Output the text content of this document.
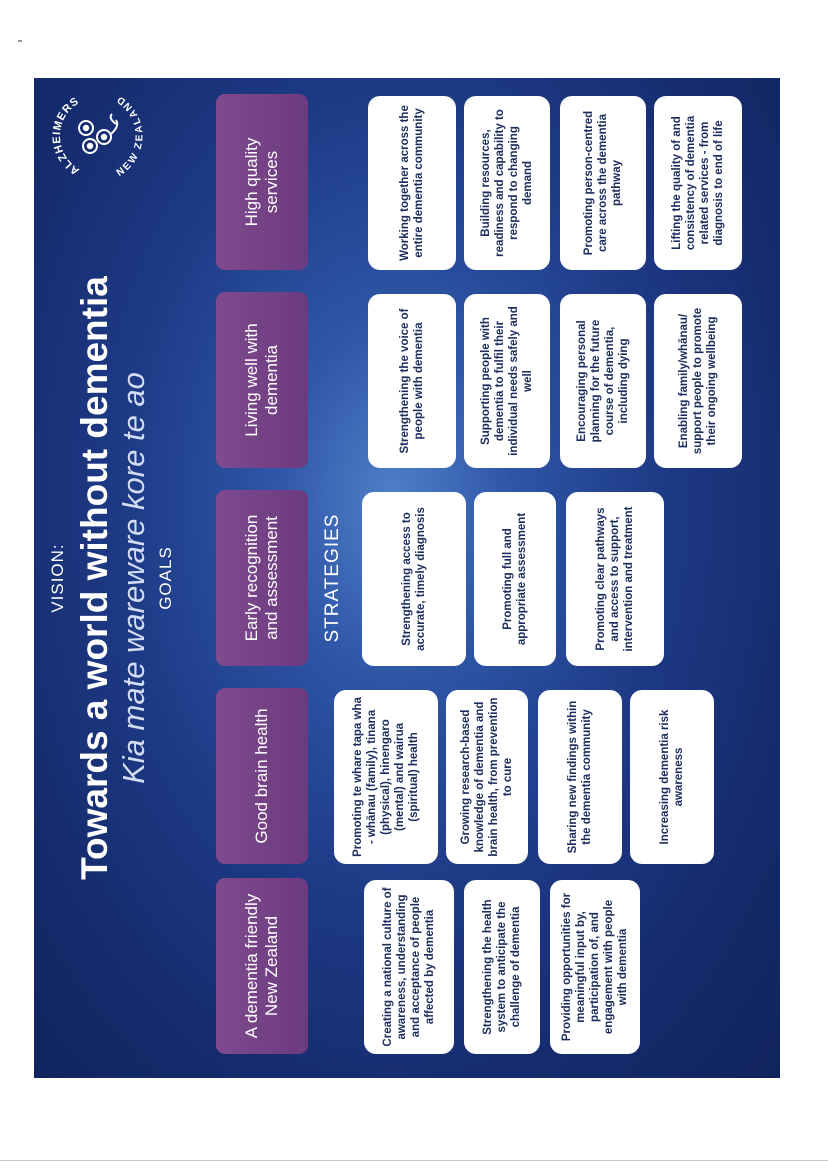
VISION: Towards a world without dementia Kia mate wareware kore te ao GOALS	STRATEGIES
A dementia friendly New Zealand	Creating a national culture of awareness, understanding and acceptance of people affected by dementia	Strengthening the health system to anticipate the challenge of dementia	Providing opportunities for meaningful input by, participation of, and engagement with people with dementia
Good brain health	Promoting te whare tapa wha - whānau (family), tinana (physical), hinengaro (mental) and wairua (spiritual) health	Growing research-based knowledge of dementia and brain health, from prevention to cure	Sharing new findings within the dementia community	Increasing dementia risk awareness
Early recognition and assessment	Strengthening access to accurate, timely diagnosis	Promoting full and appropriate assessment	Promoting clear pathways and access to support, intervention and treatment
Living well with dementia	Strengthening the voice of people with dementia	Supporting people with dementia to fulfil their individual needs safely and well	Encouraging personal planning for the future course of dementia, including dying	Enabling family/whānau/ support people to promote their ongoing wellbeing
High quality services	Working together across the entire dementia community	Building resources, readiness and capability to respond to changing demand	Promoting person-centred care across the dementia pathway	Lifting the quality of and consistency of dementia related services - from diagnosis to end of life
ALZHEIMERS
NEW ZEALAND
